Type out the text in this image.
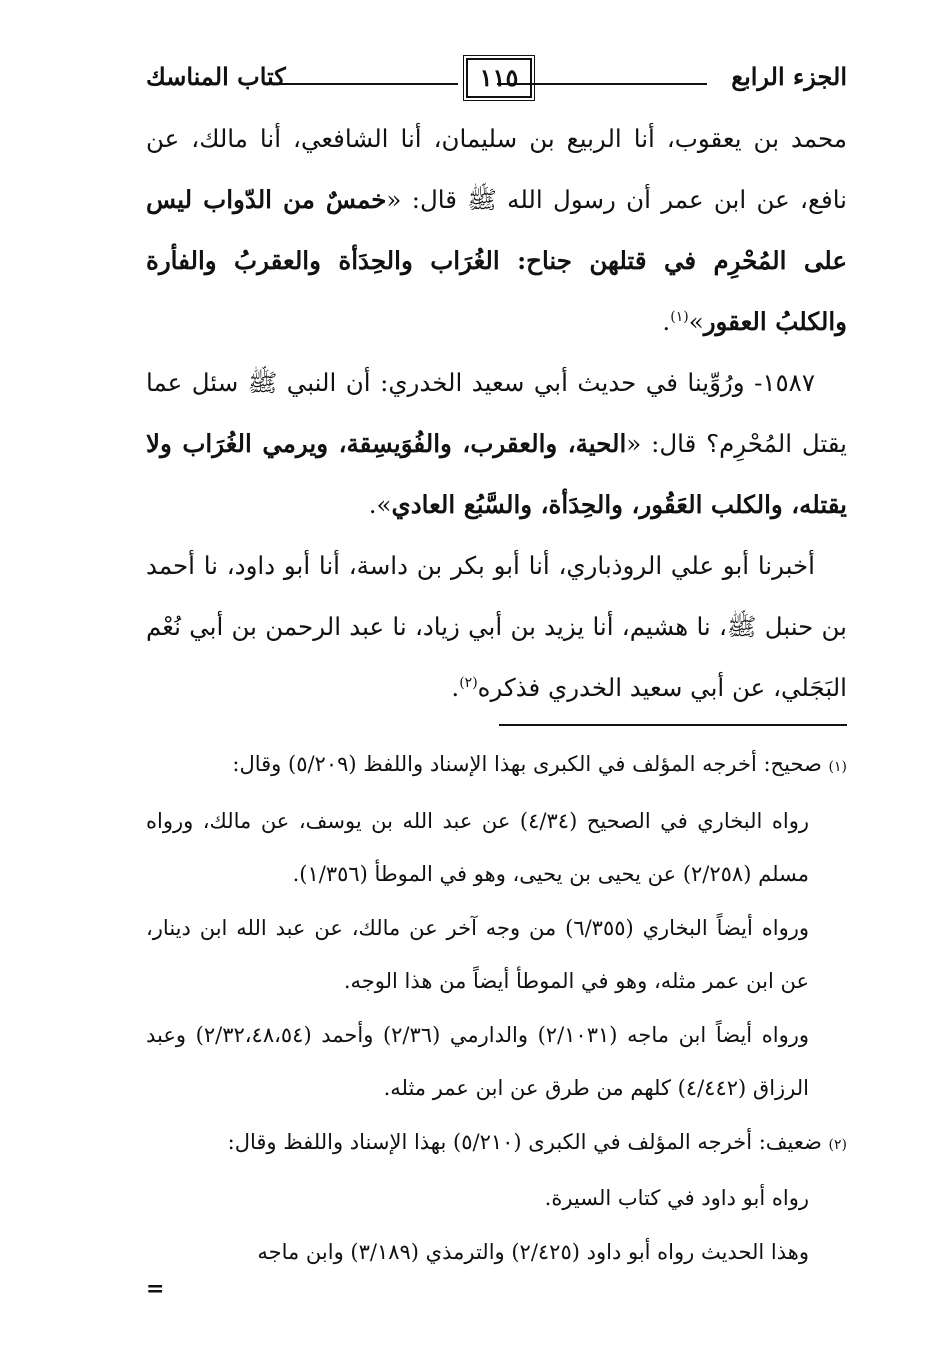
الجزء الرابع
١١٥
كتاب المناسك

محمد بن يعقوب، أنا الربيع بن سليمان، أنا الشافعي، أنا مالك، عن نافع، عن ابن عمر أن رسول الله ﷺ قال: «خمسٌ من الدّواب ليس على المُحْرِم في قتلهن جناح: الغُرَاب والحِدَأة والعقربُ والفأرة والكلبُ العقور»$^{(١)}$.

١٥٨٧- ورُوِّينا في حديث أبي سعيد الخدري: أن النبي ﷺ سئل عما يقتل المُحْرِم؟ قال: «الحية، والعقرب، والفُوَيسِقة، ويرمي الغُرَاب ولا يقتله، والكلب العَقُور، والحِدَأة، والسَّبُع العادي».

أخبرنا أبو علي الروذباري، أنا أبو بكر بن داسة، أنا أبو داود، نا أحمد بن حنبل ﷺ، نا هشيم، أنا يزيد بن أبي زياد، نا عبد الرحمن بن أبي نُعْم البَجَلي، عن أبي سعيد الخدري فذكره$^{(٢)}$.

(١) صحيح: أخرجه المؤلف في الكبرى بهذا الإسناد واللفظ (٥/٢٠٩) وقال:

رواه البخاري في الصحيح (٤/٣٤) عن عبد الله بن يوسف، عن مالك، ورواه مسلم (٢/٢٥٨) عن يحيى بن يحيى، وهو في الموطأ (١/٣٥٦).

ورواه أيضاً البخاري (٦/٣٥٥) من وجه آخر عن مالك، عن عبد الله ابن دينار، عن ابن عمر مثله، وهو في الموطأ أيضاً من هذا الوجه.

ورواه أيضاً ابن ماجه (٢/١٠٣١) والدارمي (٢/٣٦) وأحمد (٢/٣٢،٤٨،٥٤) وعبد الرزاق (٤/٤٤٢) كلهم من طرق عن ابن عمر مثله.

(٢) ضعيف: أخرجه المؤلف في الكبرى (٥/٢١٠) بهذا الإسناد واللفظ وقال:

رواه أبو داود في كتاب السيرة.

وهذا الحديث رواه أبو داود (٢/٤٢٥) والترمذي (٣/١٨٩) وابن ماجه

=
